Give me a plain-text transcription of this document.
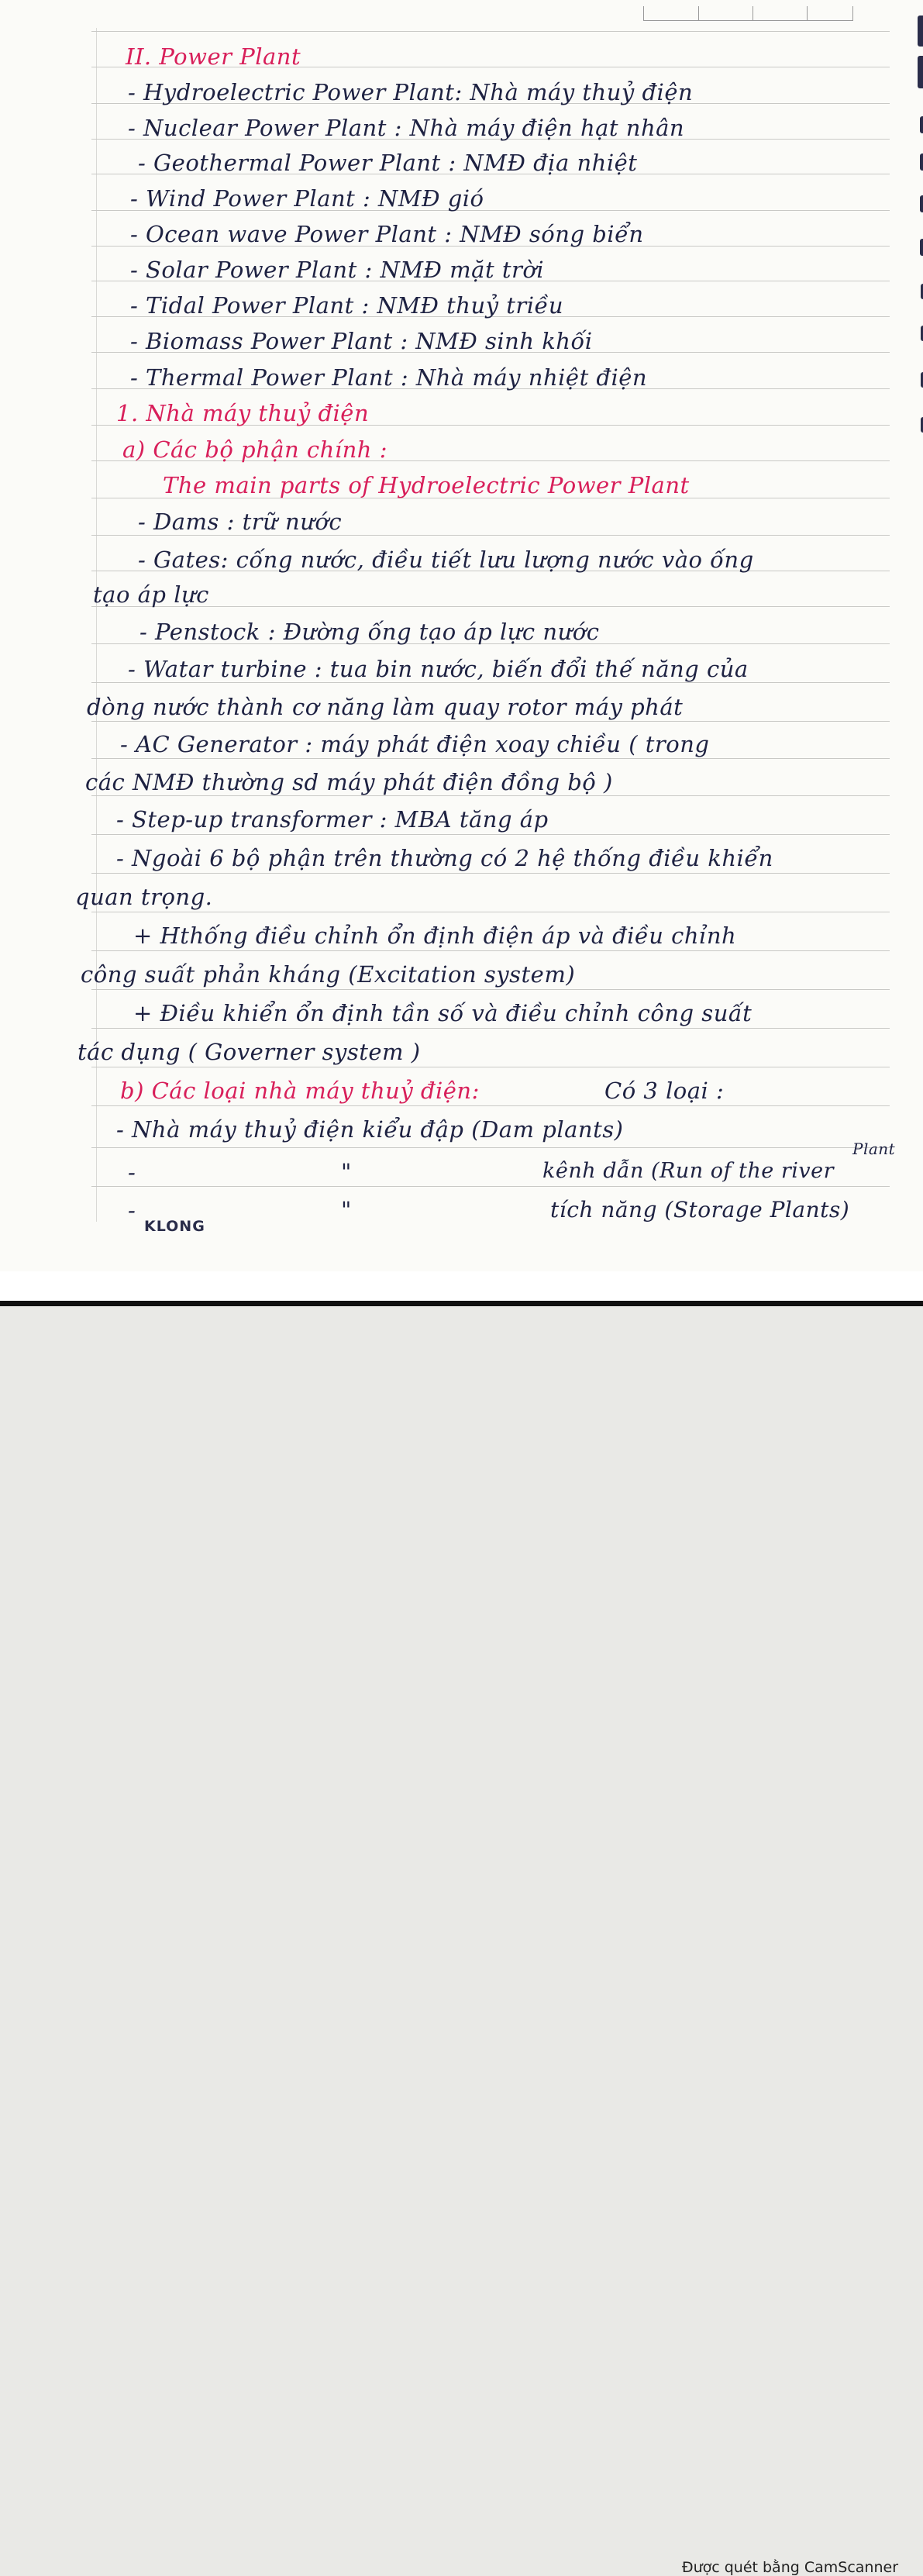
II. Power Plant
- Hydroelectric Power Plant: Nhà máy thuỷ điện
- Nuclear Power Plant : Nhà máy điện hạt nhân
- Geothermal Power Plant : NMĐ địa nhiệt
- Wind Power Plant : NMĐ gió
- Ocean wave Power Plant : NMĐ sóng biển
- Solar Power Plant : NMĐ mặt trời
- Tidal Power Plant : NMĐ thuỷ triều
- Biomass Power Plant : NMĐ sinh khối
- Thermal Power Plant : Nhà máy nhiệt điện
1. Nhà máy thuỷ điện
a) Các bộ phận chính :
The main parts of Hydroelectric Power Plant
- Dams : trữ nước
- Gates: cống nước, điều tiết lưu lượng nước vào ống
tạo áp lực
- Penstock : Đường ống tạo áp lực nước
- Watar turbine : tua bin nước, biến đổi thế năng của
dòng nước thành cơ năng làm quay rotor máy phát
- AC Generator : máy phát điện xoay chiều ( trong
các NMĐ thường sd máy phát điện đồng bộ )
- Step-up transformer : MBA tăng áp
- Ngoài 6 bộ phận trên thường có 2 hệ thống điều khiển
quan trọng.
+ Hthống điều chỉnh ổn định điện áp và điều chỉnh
công suất phản kháng (Excitation system)
+ Điều khiển ổn định tần số và điều chỉnh công suất
tác dụng ( Governer system )
b) Các loại nhà máy thuỷ điện:	Có 3 loại :
- Nhà máy thuỷ điện kiểu đập (Dam plants)
-	"	kênh dẫn (Run of the river
Plant
-	"	tích năng (Storage Plants)
KLONG
Được quét bằng CamScanner
